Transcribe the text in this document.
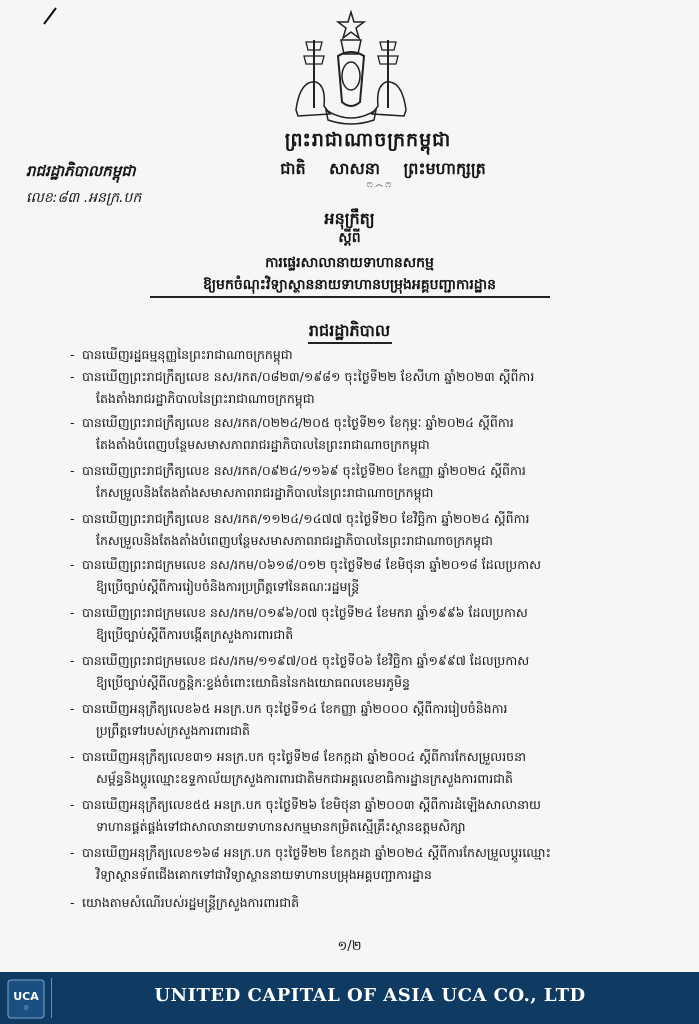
ព្រះរាជាណាចក្រកម្ពុជា
ជាតិ សាសនា ព្រះមហាក្សត្រ
ෆ෴ෆ
រាជរដ្ឋាភិបាលកម្ពុជា
លេខ:៨៣ .អនក្រ.បក
អនុក្រឹត្យ
ស្តីពី
ការផ្ទេរសាលានាយទាហានសកម្ម
ឱ្យមកចំណុះវិទ្យាស្ថាននាយទាហានបម្រុងអគ្គបញ្ជាការដ្ឋាន
រាជរដ្ឋាភិបាល
- បានឃើញរដ្ឋធម្មនុញ្ញនៃព្រះរាជាណាចក្រកម្ពុជា
- បានឃើញព្រះរាជក្រឹត្យលេខ នស/រកត/០៨២៣/១៩៨១ ចុះថ្ងៃទី២២ ខែសីហា ឆ្នាំ២០២៣ ស្តីពីការ
តែងតាំងរាជរដ្ឋាភិបាលនៃព្រះរាជាណាចក្រកម្ពុជា
- បានឃើញព្រះរាជក្រឹត្យលេខ នស/រកត/០២២៤/២០៥ ចុះថ្ងៃទី២១ ខែកុម្ភៈ ឆ្នាំ២០២៤ ស្តីពីការ
តែងតាំងបំពេញបន្ថែមសមាសភាពរាជរដ្ឋាភិបាលនៃព្រះរាជាណាចក្រកម្ពុជា
- បានឃើញព្រះរាជក្រឹត្យលេខ នស/រកត/០៩២៤/១១៦៩ ចុះថ្ងៃទី២០ ខែកញ្ញា ឆ្នាំ២០២៤ ស្តីពីការ
កែសម្រួលនិងតែងតាំងសមាសភាពរាជរដ្ឋាភិបាលនៃព្រះរាជាណាចក្រកម្ពុជា
- បានឃើញព្រះរាជក្រឹត្យលេខ នស/រកត/១១២៤/១៤៧៧ ចុះថ្ងៃទី២០ ខែវិច្ឆិកា ឆ្នាំ២០២៤ ស្តីពីការ
កែសម្រួលនិងតែងតាំងបំពេញបន្ថែមសមាសភាពរាជរដ្ឋាភិបាលនៃព្រះរាជាណាចក្រកម្ពុជា
- បានឃើញព្រះរាជក្រមលេខ នស/រកម/០៦១៨/០១២ ចុះថ្ងៃទី២៨ ខែមិថុនា ឆ្នាំ២០១៨ ដែលប្រកាស
ឱ្យប្រើច្បាប់ស្តីពីការរៀបចំនិងការប្រព្រឹត្តទៅនៃគណៈរដ្ឋមន្ត្រី
- បានឃើញព្រះរាជក្រមលេខ នស/រកម/០១៩៦/០៧ ចុះថ្ងៃទី២៤ ខែមករា ឆ្នាំ១៩៩៦ ដែលប្រកាស
ឱ្យប្រើច្បាប់ស្តីពីការបង្កើតក្រសួងការពារជាតិ
- បានឃើញព្រះរាជក្រមលេខ ជស/រកម/១១៩៧/០៥ ចុះថ្ងៃទី០៦ ខែវិច្ឆិកា ឆ្នាំ១៩៩៧ ដែលប្រកាស
ឱ្យប្រើច្បាប់ស្តីពីលក្ខន្តិកៈខ្ទង់ចំពោះយោធិននៃកងយោធពលខេមរភូមិន្ទ
- បានឃើញអនុក្រឹត្យលេខ៦៥ អនក្រ.បក ចុះថ្ងៃទី១៤ ខែកញ្ញា ឆ្នាំ២០០០ ស្តីពីការរៀបចំនិងការ
ប្រព្រឹត្តទៅរបស់ក្រសួងការពារជាតិ
- បានឃើញអនុក្រឹត្យលេខ៣១ អនក្រ.បក ចុះថ្ងៃទី២៨ ខែកក្កដា ឆ្នាំ២០០៤ ស្តីពីការកែសម្រួលរចនា
សម្ព័ន្ធនិងប្តូរឈ្មោះឧទ្ទកាល័យក្រសួងការពារជាតិមកជាអគ្គលេខាធិការដ្ឋានក្រសួងការពារជាតិ
- បានឃើញអនុក្រឹត្យលេខ៥៥ អនក្រ.បក ចុះថ្ងៃទី២៦ ខែមិថុនា ឆ្នាំ២០០៣ ស្តីពីការដំឡើងសាលានាយ
ទាហានផ្គត់ផ្គង់ទៅជាសាលានាយទាហានសកម្មមានកម្រិតស្មើគ្រឹះស្ថានឧត្តមសិក្សា
- បានឃើញអនុក្រឹត្យលេខ១៦៨ អនក្រ.បក ចុះថ្ងៃទី២២ ខែកក្កដា ឆ្នាំ២០២៤ ស្តីពីការកែសម្រួលប្តូរឈ្មោះ
វិទ្យាស្ថានទ័ពជើងគោកទៅជាវិទ្យាស្ថាននាយទាហានបម្រុងអគ្គបញ្ជាការដ្ឋាន
- យោងតាមសំណើរបស់រដ្ឋមន្ត្រីក្រសួងការពារជាតិ
១/២
UCA
◎
UNITED CAPITAL OF ASIA UCA CO., LTD
